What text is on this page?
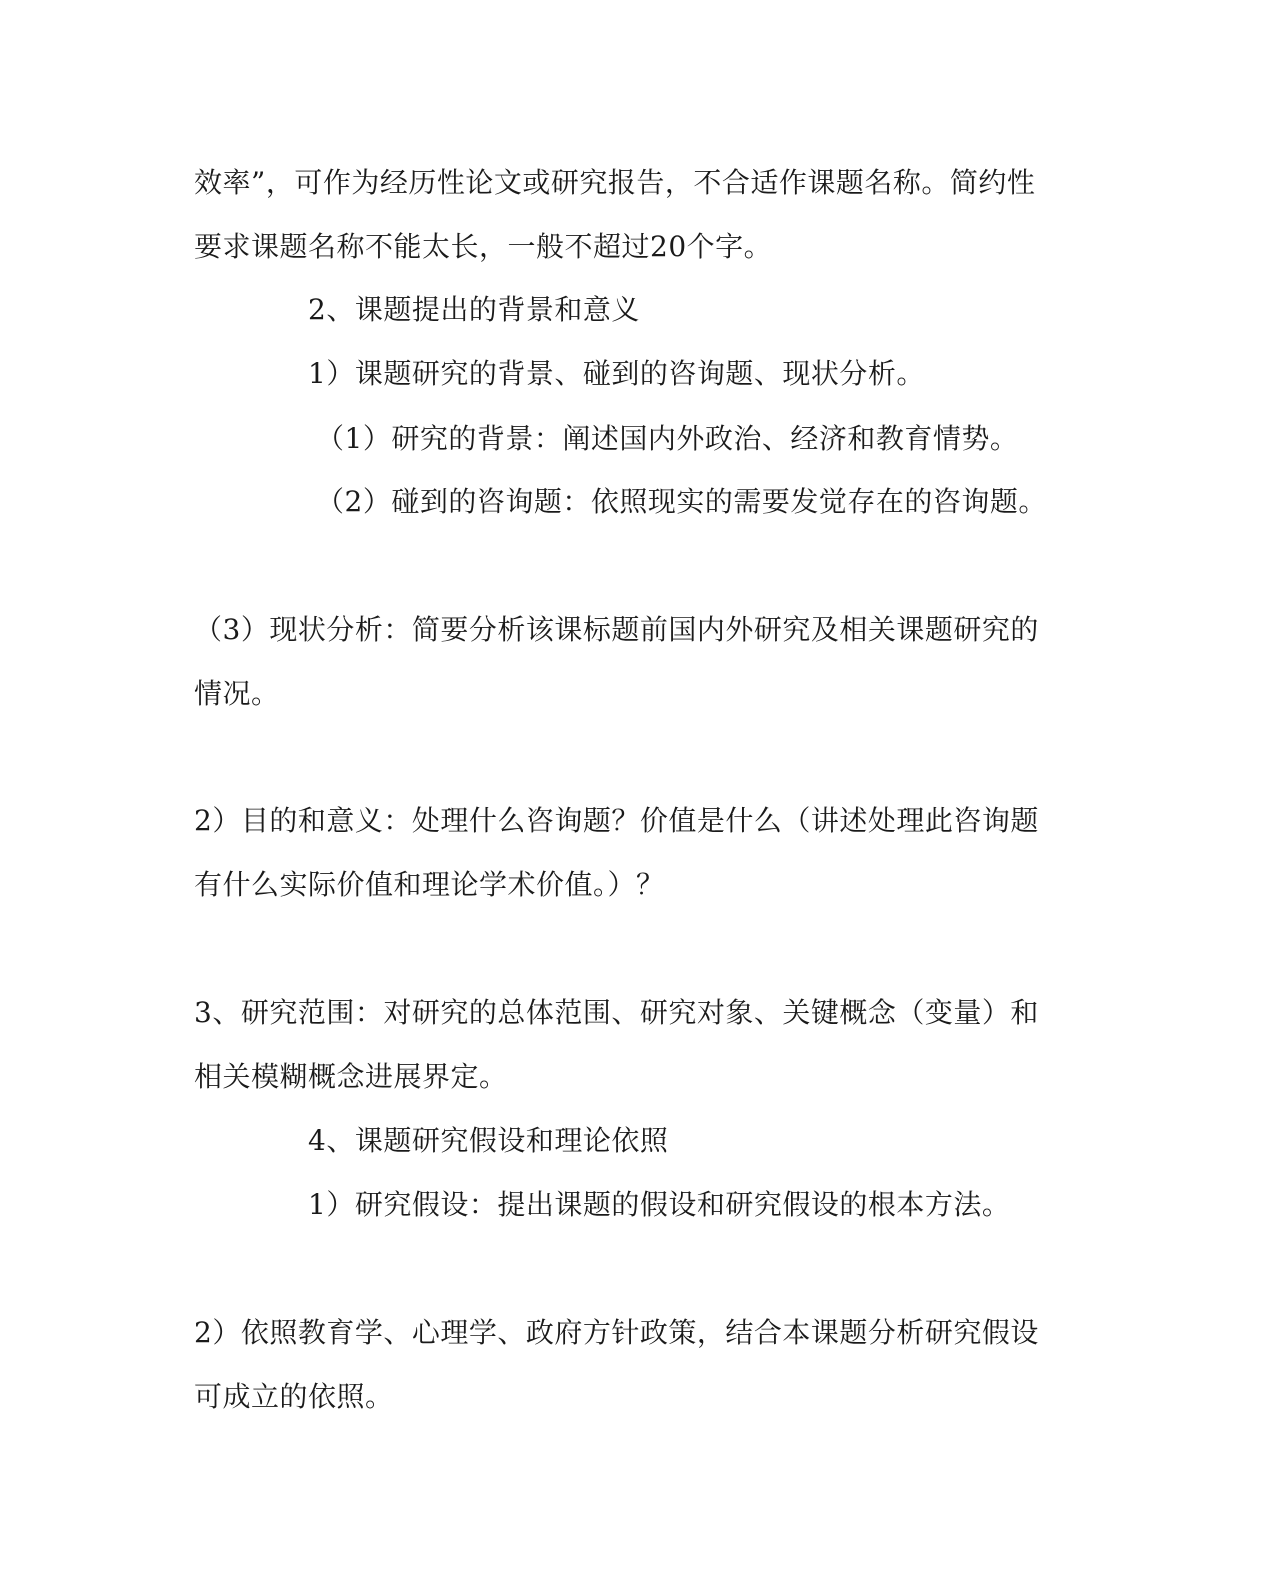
效率”，可作为经历性论文或研究报告，不合适作课题名称。简约性
要求课题名称不能太长，一般不超过20个字。
2、课题提出的背景和意义
1）课题研究的背景、碰到的咨询题、现状分析。
（1）研究的背景：阐述国内外政治、经济和教育情势。
（2）碰到的咨询题：依照现实的需要发觉存在的咨询题。
（3）现状分析：简要分析该课标题前国内外研究及相关课题研究的
情况。
2）目的和意义：处理什么咨询题？价值是什么（讲述处理此咨询题
有什么实际价值和理论学术价值。）？
3、研究范围：对研究的总体范围、研究对象、关键概念（变量）和
相关模糊概念进展界定。
4、课题研究假设和理论依照
1）研究假设：提出课题的假设和研究假设的根本方法。
2）依照教育学、心理学、政府方针政策，结合本课题分析研究假设
可成立的依照。
